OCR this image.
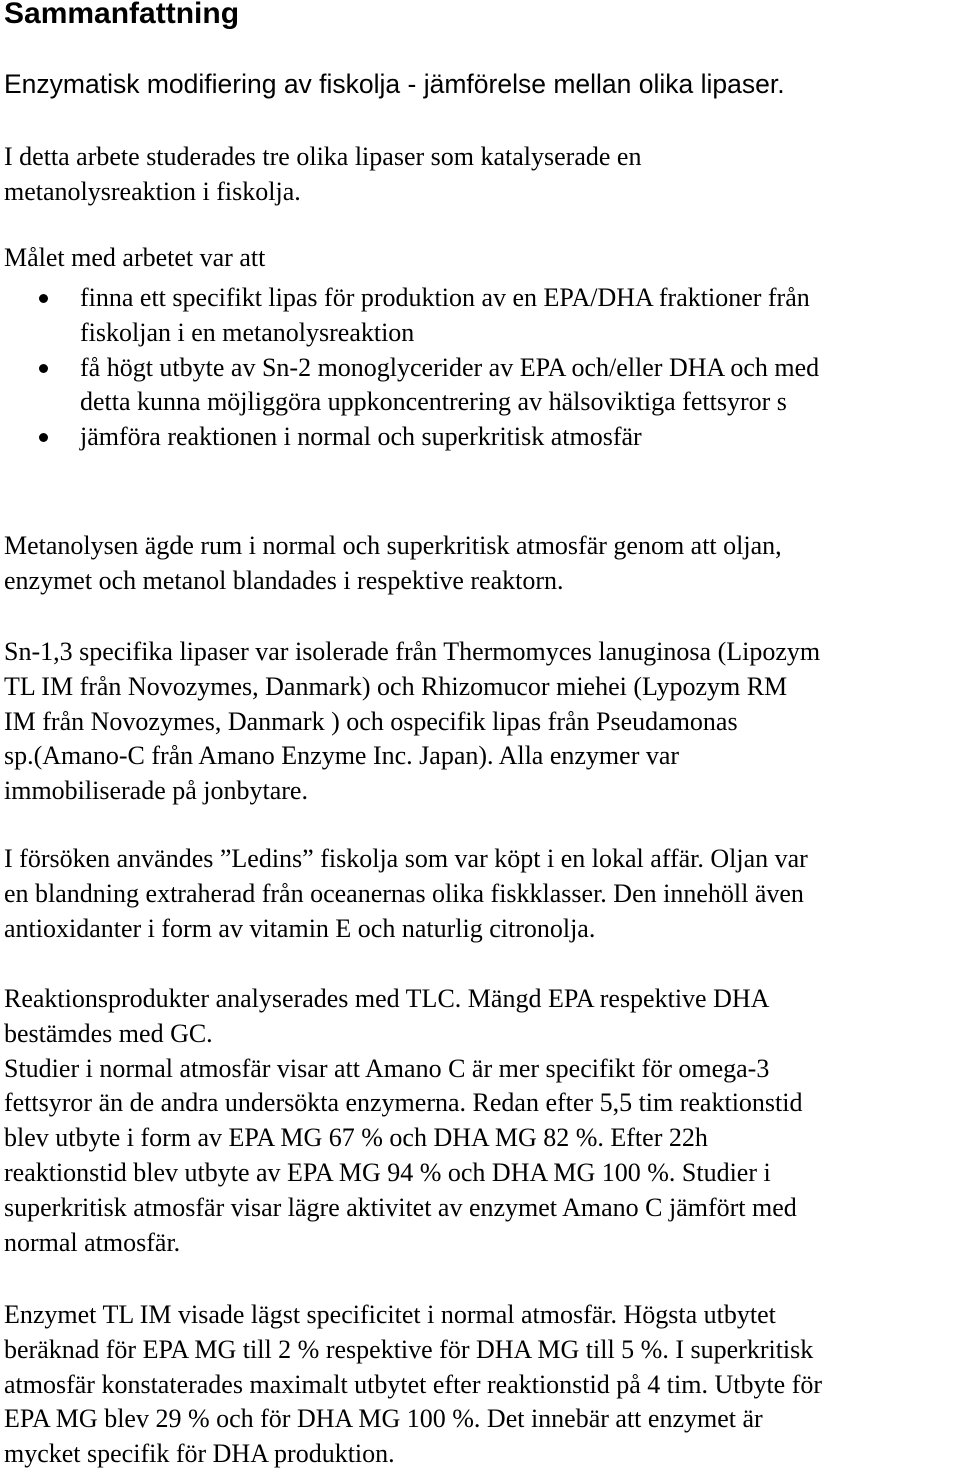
Sammanfattning

Enzymatisk modifiering av fiskolja - jämförelse mellan olika lipaser.

I detta arbete studerades tre olika lipaser som katalyserade en
metanolysreaktion i fiskolja.

Målet med arbetet var att

finna ett specifikt lipas för produktion av en EPA/DHA fraktioner från
fiskoljan i en metanolysreaktion
få högt utbyte av Sn-2 monoglycerider av EPA och/eller DHA och med
detta kunna möjliggöra uppkoncentrering av hälsoviktiga fettsyror s
jämföra reaktionen i normal och superkritisk atmosfär

Metanolysen ägde rum i normal och superkritisk atmosfär genom att oljan,
enzymet och metanol blandades i respektive reaktorn.

Sn-1,3 specifika lipaser var isolerade från Thermomyces lanuginosa (Lipozym
TL IM från Novozymes, Danmark) och Rhizomucor miehei (Lypozym RM
IM från Novozymes, Danmark ) och ospecifik lipas från Pseudamonas
sp.(Amano-C från Amano Enzyme Inc. Japan). Alla enzymer var
immobiliserade på jonbytare.

I försöken användes ”Ledins” fiskolja som var köpt i en lokal affär. Oljan var
en blandning extraherad från oceanernas olika fiskklasser. Den innehöll även
antioxidanter i form av vitamin E och naturlig citronolja.

Reaktionsprodukter analyserades med TLC. Mängd EPA respektive DHA
bestämdes med GC.
Studier i normal atmosfär visar att Amano C är mer specifikt för omega-3
fettsyror än de andra undersökta enzymerna. Redan efter 5,5 tim reaktionstid
blev utbyte i form av EPA MG 67 % och DHA MG 82 %. Efter 22h
reaktionstid blev utbyte av EPA MG 94 % och DHA MG 100 %. Studier i
superkritisk atmosfär visar lägre aktivitet av enzymet Amano C jämfört med
normal atmosfär.

Enzymet TL IM visade lägst specificitet i normal atmosfär. Högsta utbytet
beräknad för EPA MG till 2 % respektive för DHA MG till 5 %. I superkritisk
atmosfär konstaterades maximalt utbytet efter reaktionstid på 4 tim. Utbyte för
EPA MG blev 29 % och för DHA MG 100 %. Det innebär att enzymet är
mycket specifik för DHA produktion.
